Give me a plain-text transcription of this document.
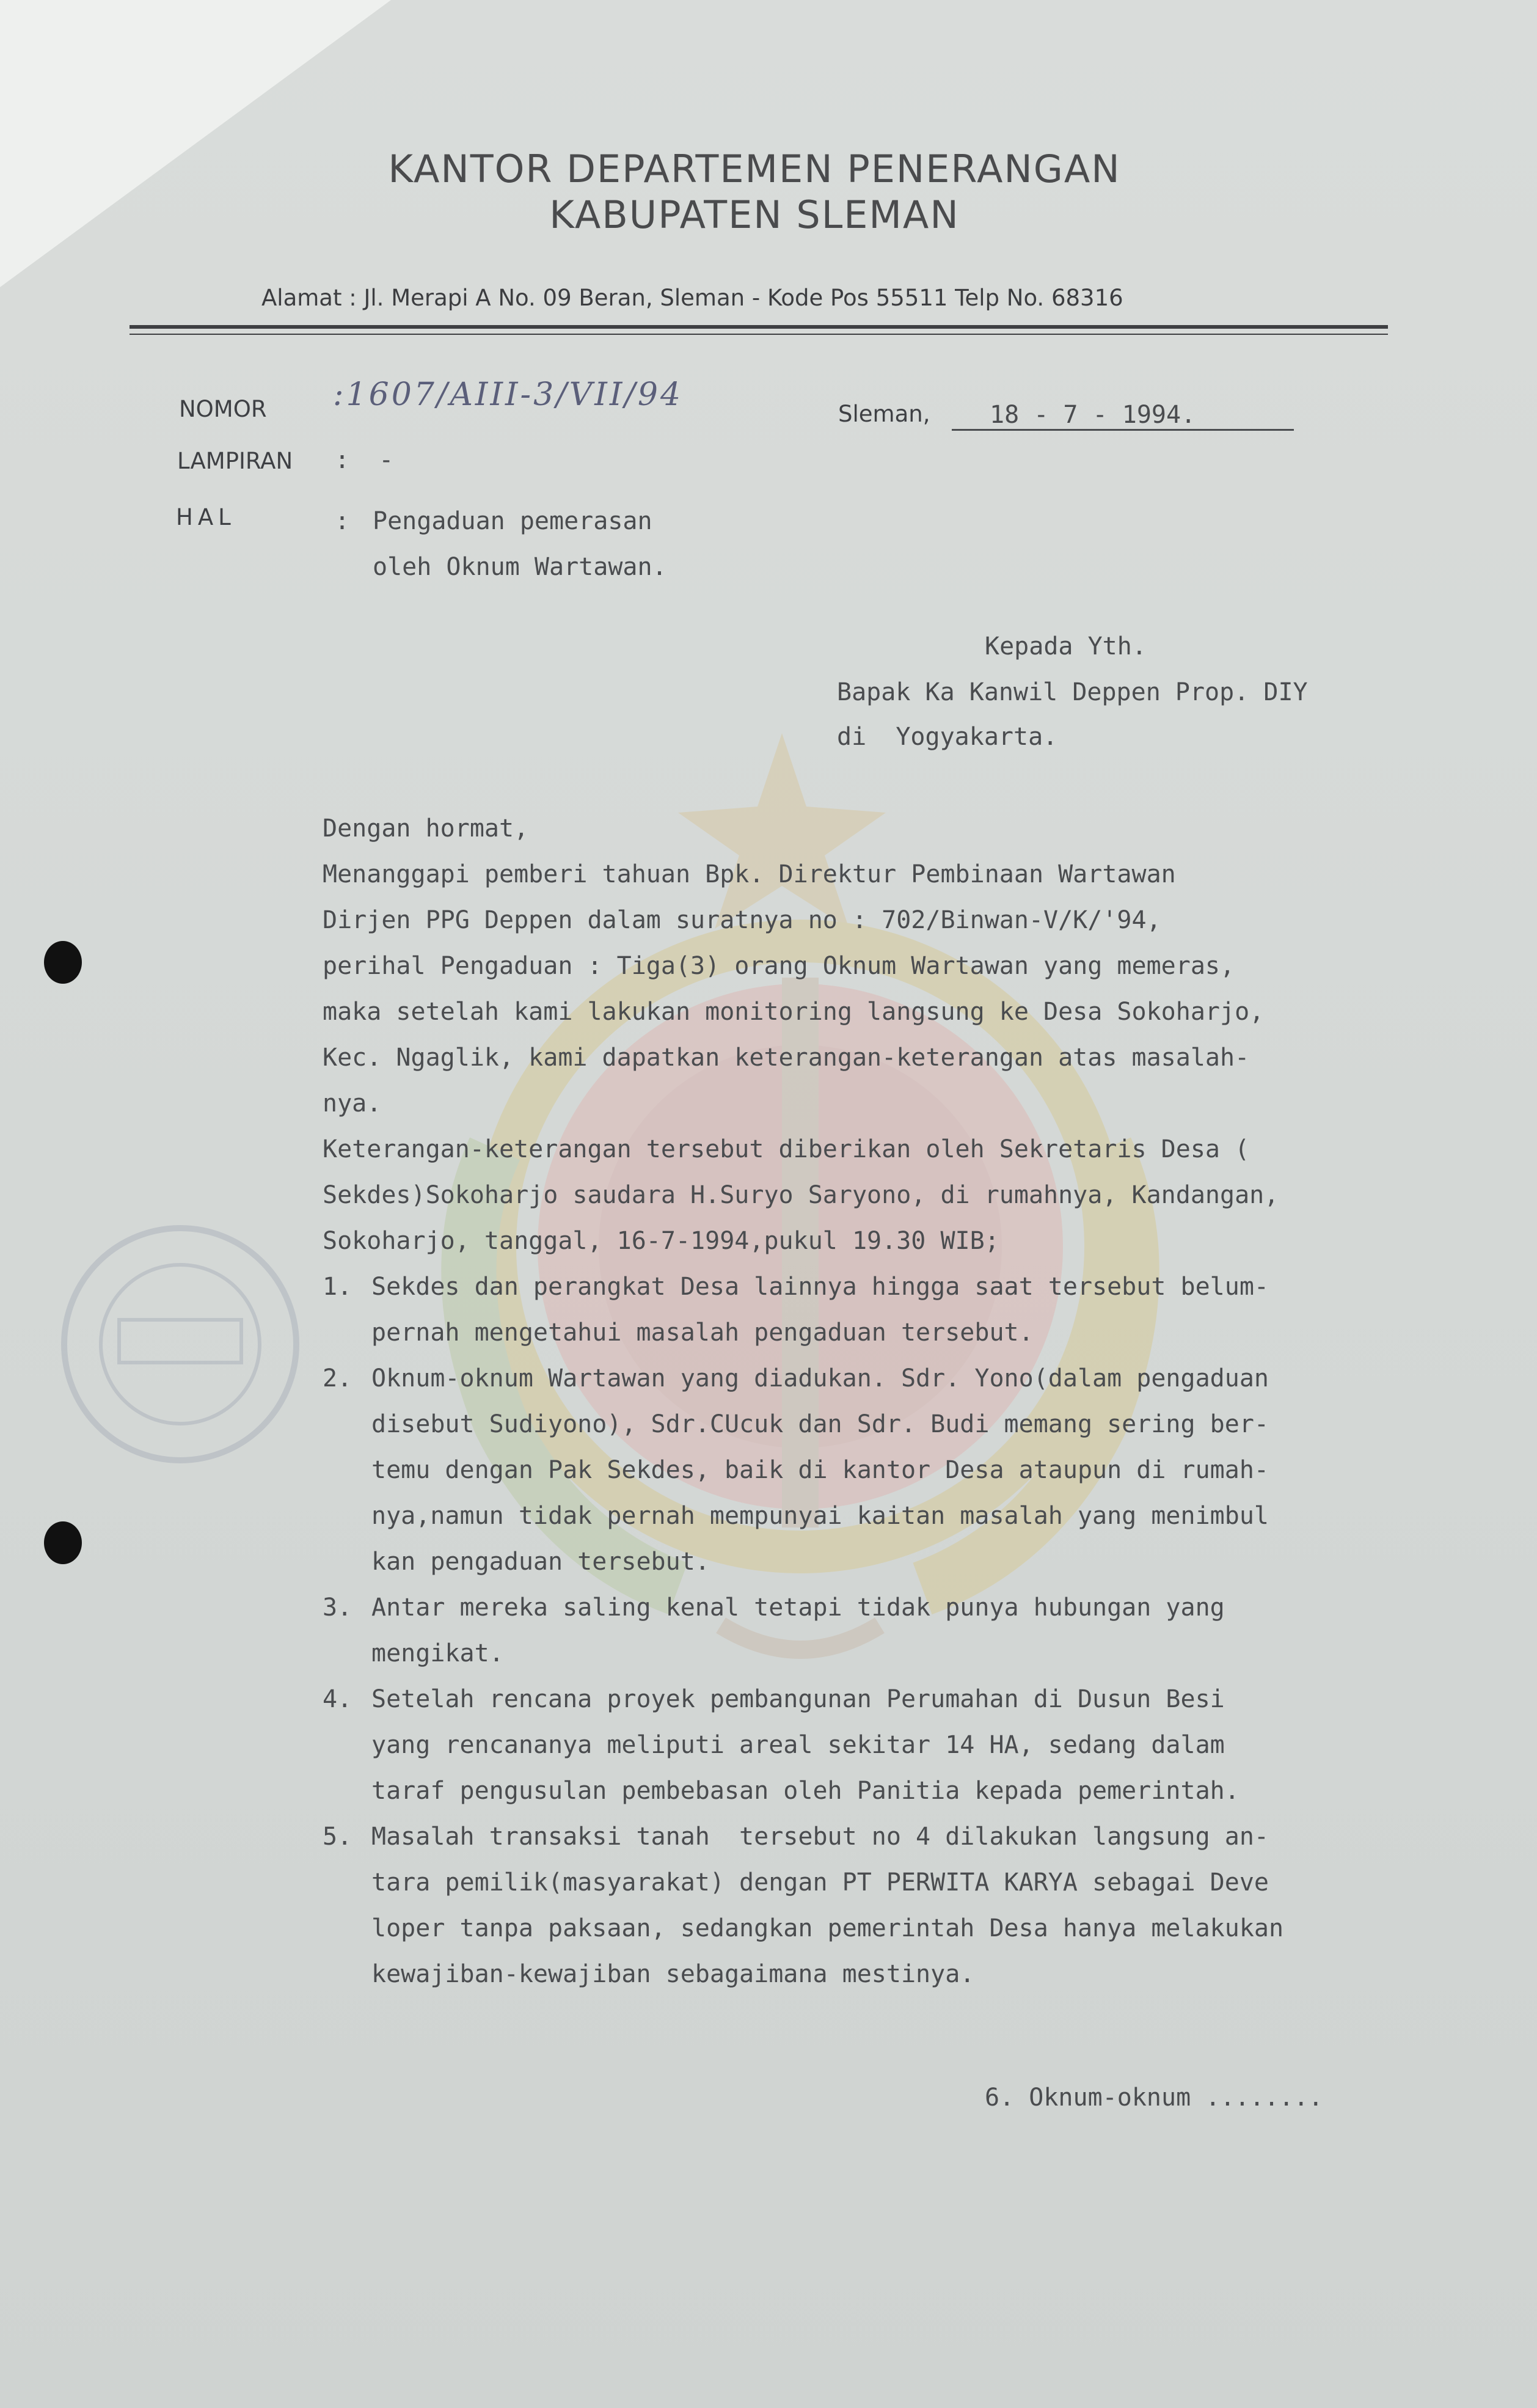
KANTOR DEPARTEMEN PENERANGAN
KABUPATEN SLEMAN
Alamat : Jl. Merapi A No. 09 Beran, Sleman - Kode Pos 55511 Telp No. 68316
NOMOR :1607/AIII-3/VII/94
Sleman, 18 - 7 - 1994.
LAMPIRAN :  -
HAL	: Pengaduan pemerasan
oleh Oknum Wartawan.
Kepada Yth.
Bapak Ka Kanwil Deppen Prop. DIY
di  Yogyakarta.
Dengan hormat,
Menanggapi pemberi tahuan Bpk. Direktur Pembinaan Wartawan
Dirjen PPG Deppen dalam suratnya no : 702/Binwan-V/K/'94,
perihal Pengaduan : Tiga(3) orang Oknum Wartawan yang memeras,
maka setelah kami lakukan monitoring langsung ke Desa Sokoharjo,
Kec. Ngaglik, kami dapatkan keterangan-keterangan atas masalah-
nya.
Keterangan-keterangan tersebut diberikan oleh Sekretaris Desa (
Sekdes)Sokoharjo saudara H.Suryo Saryono, di rumahnya, Kandangan,
Sokoharjo, tanggal, 16-7-1994,pukul 19.30 WIB;
1. Sekdes dan perangkat Desa lainnya hingga saat tersebut belum-
pernah mengetahui masalah pengaduan tersebut.
2. Oknum-oknum Wartawan yang diadukan. Sdr. Yono(dalam pengaduan
disebut Sudiyono), Sdr.CUcuk dan Sdr. Budi memang sering ber-
temu dengan Pak Sekdes, baik di kantor Desa ataupun di rumah-
nya,namun tidak pernah mempunyai kaitan masalah yang menimbul
kan pengaduan tersebut.
3. Antar mereka saling kenal tetapi tidak punya hubungan yang
mengikat.
4. Setelah rencana proyek pembangunan Perumahan di Dusun Besi
yang rencananya meliputi areal sekitar 14 HA, sedang dalam
taraf pengusulan pembebasan oleh Panitia kepada pemerintah.
5. Masalah transaksi tanah  tersebut no 4 dilakukan langsung an-
tara pemilik(masyarakat) dengan PT PERWITA KARYA sebagai Deve
loper tanpa paksaan, sedangkan pemerintah Desa hanya melakukan
kewajiban-kewajiban sebagaimana mestinya.
6. Oknum-oknum ........
